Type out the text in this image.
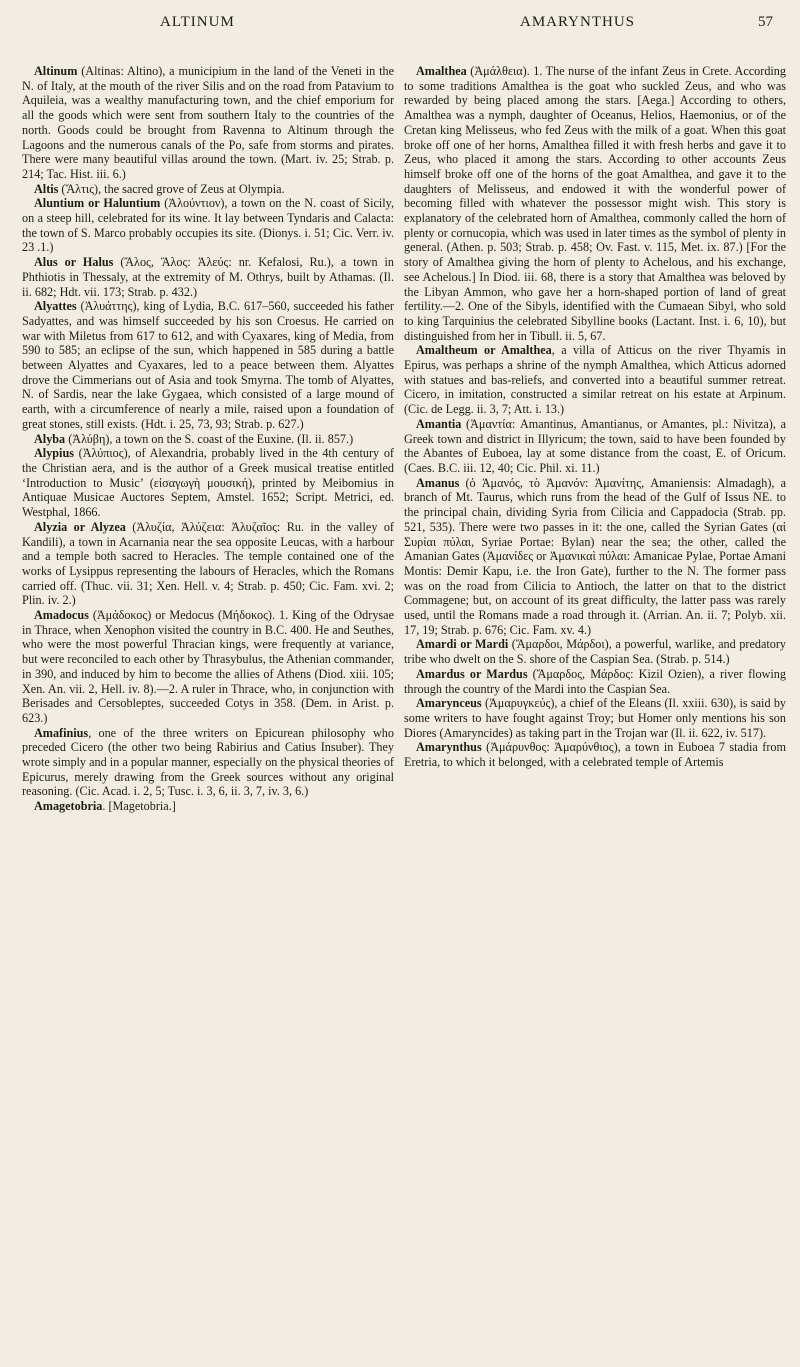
ALTINUM	AMARYNTHUS	57

Altinum (Altinas: Altino), a municipium in the land of the Veneti in the N. of Italy, at the mouth of the river Silis and on the road from Patavium to Aquileia, was a wealthy manufacturing town, and the chief emporium for all the goods which were sent from southern Italy to the countries of the north. Goods could be brought from Ravenna to Altinum through the Lagoons and the numerous canals of the Po, safe from storms and pirates. There were many beautiful villas around the town. (Mart. iv. 25; Strab. p. 214; Tac. Hist. iii. 6.)

Altis (Ἄλτις), the sacred grove of Zeus at Olympia.

Aluntium or Haluntium (Ἀλούντιον), a town on the N. coast of Sicily, on a steep hill, celebrated for its wine. It lay between Tyndaris and Calacta: the town of S. Marco probably occupies its site. (Dionys. i. 51; Cic. Verr. iv. 23 .1.)

Alus or Halus (Ἄλος, Ἅλος: Ἀλεύς: nr. Kefalosi, Ru.), a town in Phthiotis in Thessaly, at the extremity of M. Othrys, built by Athamas. (Il. ii. 682; Hdt. vii. 173; Strab. p. 432.)

Alyattes (Ἀλυάττης), king of Lydia, B.C. 617–560, succeeded his father Sadyattes, and was himself succeeded by his son Croesus. He carried on war with Miletus from 617 to 612, and with Cyaxares, king of Media, from 590 to 585; an eclipse of the sun, which happened in 585 during a battle between Alyattes and Cyaxares, led to a peace between them. Alyattes drove the Cimmerians out of Asia and took Smyrna. The tomb of Alyattes, N. of Sardis, near the lake Gygaea, which consisted of a large mound of earth, with a circumference of nearly a mile, raised upon a foundation of great stones, still exists. (Hdt. i. 25, 73, 93; Strab. p. 627.)

Alyba (Ἀλύβη), a town on the S. coast of the Euxine. (Il. ii. 857.)

Alypius (Ἀλύπιος), of Alexandria, probably lived in the 4th century of the Christian aera, and is the author of a Greek musical treatise entitled ‘Introduction to Music’ (εἰσαγωγὴ μουσική), printed by Meibomius in Antiquae Musicae Auctores Septem, Amstel. 1652; Script. Metrici, ed. Westphal, 1866.

Alyzia or Alyzea (Ἀλυζία, Ἀλύζεια: Ἀλυζαῖος: Ru. in the valley of Kandili), a town in Acarnania near the sea opposite Leucas, with a harbour and a temple both sacred to Heracles. The temple contained one of the works of Lysippus representing the labours of Heracles, which the Romans carried off. (Thuc. vii. 31; Xen. Hell. v. 4; Strab. p. 450; Cic. Fam. xvi. 2; Plin. iv. 2.)

Amadocus (Ἀμάδοκος) or Medocus (Μήδοκος). 1. King of the Odrysae in Thrace, when Xenophon visited the country in B.C. 400. He and Seuthes, who were the most powerful Thracian kings, were frequently at variance, but were reconciled to each other by Thrasybulus, the Athenian commander, in 390, and induced by him to become the allies of Athens (Diod. xiii. 105; Xen. An. vii. 2, Hell. iv. 8).—2. A ruler in Thrace, who, in conjunction with Berisades and Cersobleptes, succeeded Cotys in 358. (Dem. in Arist. p. 623.)

Amafinius, one of the three writers on Epicurean philosophy who preceded Cicero (the other two being Rabirius and Catius Insuber). They wrote simply and in a popular manner, especially on the physical theories of Epicurus, merely drawing from the Greek sources without any original reasoning. (Cic. Acad. i. 2, 5; Tusc. i. 3, 6, ii. 3, 7, iv. 3, 6.)

Amagetobria. [Magetobria.]

Amalthea (Ἀμάλθεια). 1. The nurse of the infant Zeus in Crete. According to some traditions Amalthea is the goat who suckled Zeus, and who was rewarded by being placed among the stars. [Aega.] According to others, Amalthea was a nymph, daughter of Oceanus, Helios, Haemonius, or of the Cretan king Melisseus, who fed Zeus with the milk of a goat. When this goat broke off one of her horns, Amalthea filled it with fresh herbs and gave it to Zeus, who placed it among the stars. According to other accounts Zeus himself broke off one of the horns of the goat Amalthea, and gave it to the daughters of Melisseus, and endowed it with the wonderful power of becoming filled with whatever the possessor might wish. This story is explanatory of the celebrated horn of Amalthea, commonly called the horn of plenty or cornucopia, which was used in later times as the symbol of plenty in general. (Athen. p. 503; Strab. p. 458; Ov. Fast. v. 115, Met. ix. 87.) [For the story of Amalthea giving the horn of plenty to Achelous, and his exchange, see Achelous.] In Diod. iii. 68, there is a story that Amalthea was beloved by the Libyan Ammon, who gave her a horn-shaped portion of land of great fertility.—2. One of the Sibyls, identified with the Cumaean Sibyl, who sold to king Tarquinius the celebrated Sibylline books (Lactant. Inst. i. 6, 10), but distinguished from her in Tibull. ii. 5, 67.

Amaltheum or Amalthea, a villa of Atticus on the river Thyamis in Epirus, was perhaps a shrine of the nymph Amalthea, which Atticus adorned with statues and bas-reliefs, and converted into a beautiful summer retreat. Cicero, in imitation, constructed a similar retreat on his estate at Arpinum. (Cic. de Legg. ii. 3, 7; Att. i. 13.)

Amantia (Ἀμαντία: Amantinus, Amantianus, or Amantes, pl.: Nivitza), a Greek town and district in Illyricum; the town, said to have been founded by the Abantes of Euboea, lay at some distance from the coast, E. of Oricum. (Caes. B.C. iii. 12, 40; Cic. Phil. xi. 11.)

Amanus (ὁ Ἀμανός, τὸ Ἀμανόν: Ἀμανίτης, Amaniensis: Almadagh), a branch of Mt. Taurus, which runs from the head of the Gulf of Issus NE. to the principal chain, dividing Syria from Cilicia and Cappadocia (Strab. pp. 521, 535). There were two passes in it: the one, called the Syrian Gates (αἱ Συρίαι πύλαι, Syriae Portae: Bylan) near the sea; the other, called the Amanian Gates (Ἀμανίδες or Ἀμανικαὶ πύλαι: Amanicae Pylae, Portae Amani Montis: Demir Kapu, i.e. the Iron Gate), further to the N. The former pass was on the road from Cilicia to Antioch, the latter on that to the district Commagene; but, on account of its great difficulty, the latter pass was rarely used, until the Romans made a road through it. (Arrian. An. ii. 7; Polyb. xii. 17, 19; Strab. p. 676; Cic. Fam. xv. 4.)

Amardi or Mardi (Ἄμαρδοι, Μάρδοι), a powerful, warlike, and predatory tribe who dwelt on the S. shore of the Caspian Sea. (Strab. p. 514.)

Amardus or Mardus (Ἄμαρδος, Μάρδος: Kizil Ozien), a river flowing through the country of the Mardi into the Caspian Sea.

Amarynceus (Ἀμαρυγκεύς), a chief of the Eleans (Il. xxiii. 630), is said by some writers to have fought against Troy; but Homer only mentions his son Diores (Amaryncides) as taking part in the Trojan war (Il. ii. 622, iv. 517).

Amarynthus (Ἀμάρυνθος: Ἀμαρύνθιος), a town in Euboea 7 stadia from Eretria, to which it belonged, with a celebrated temple of Artemis
